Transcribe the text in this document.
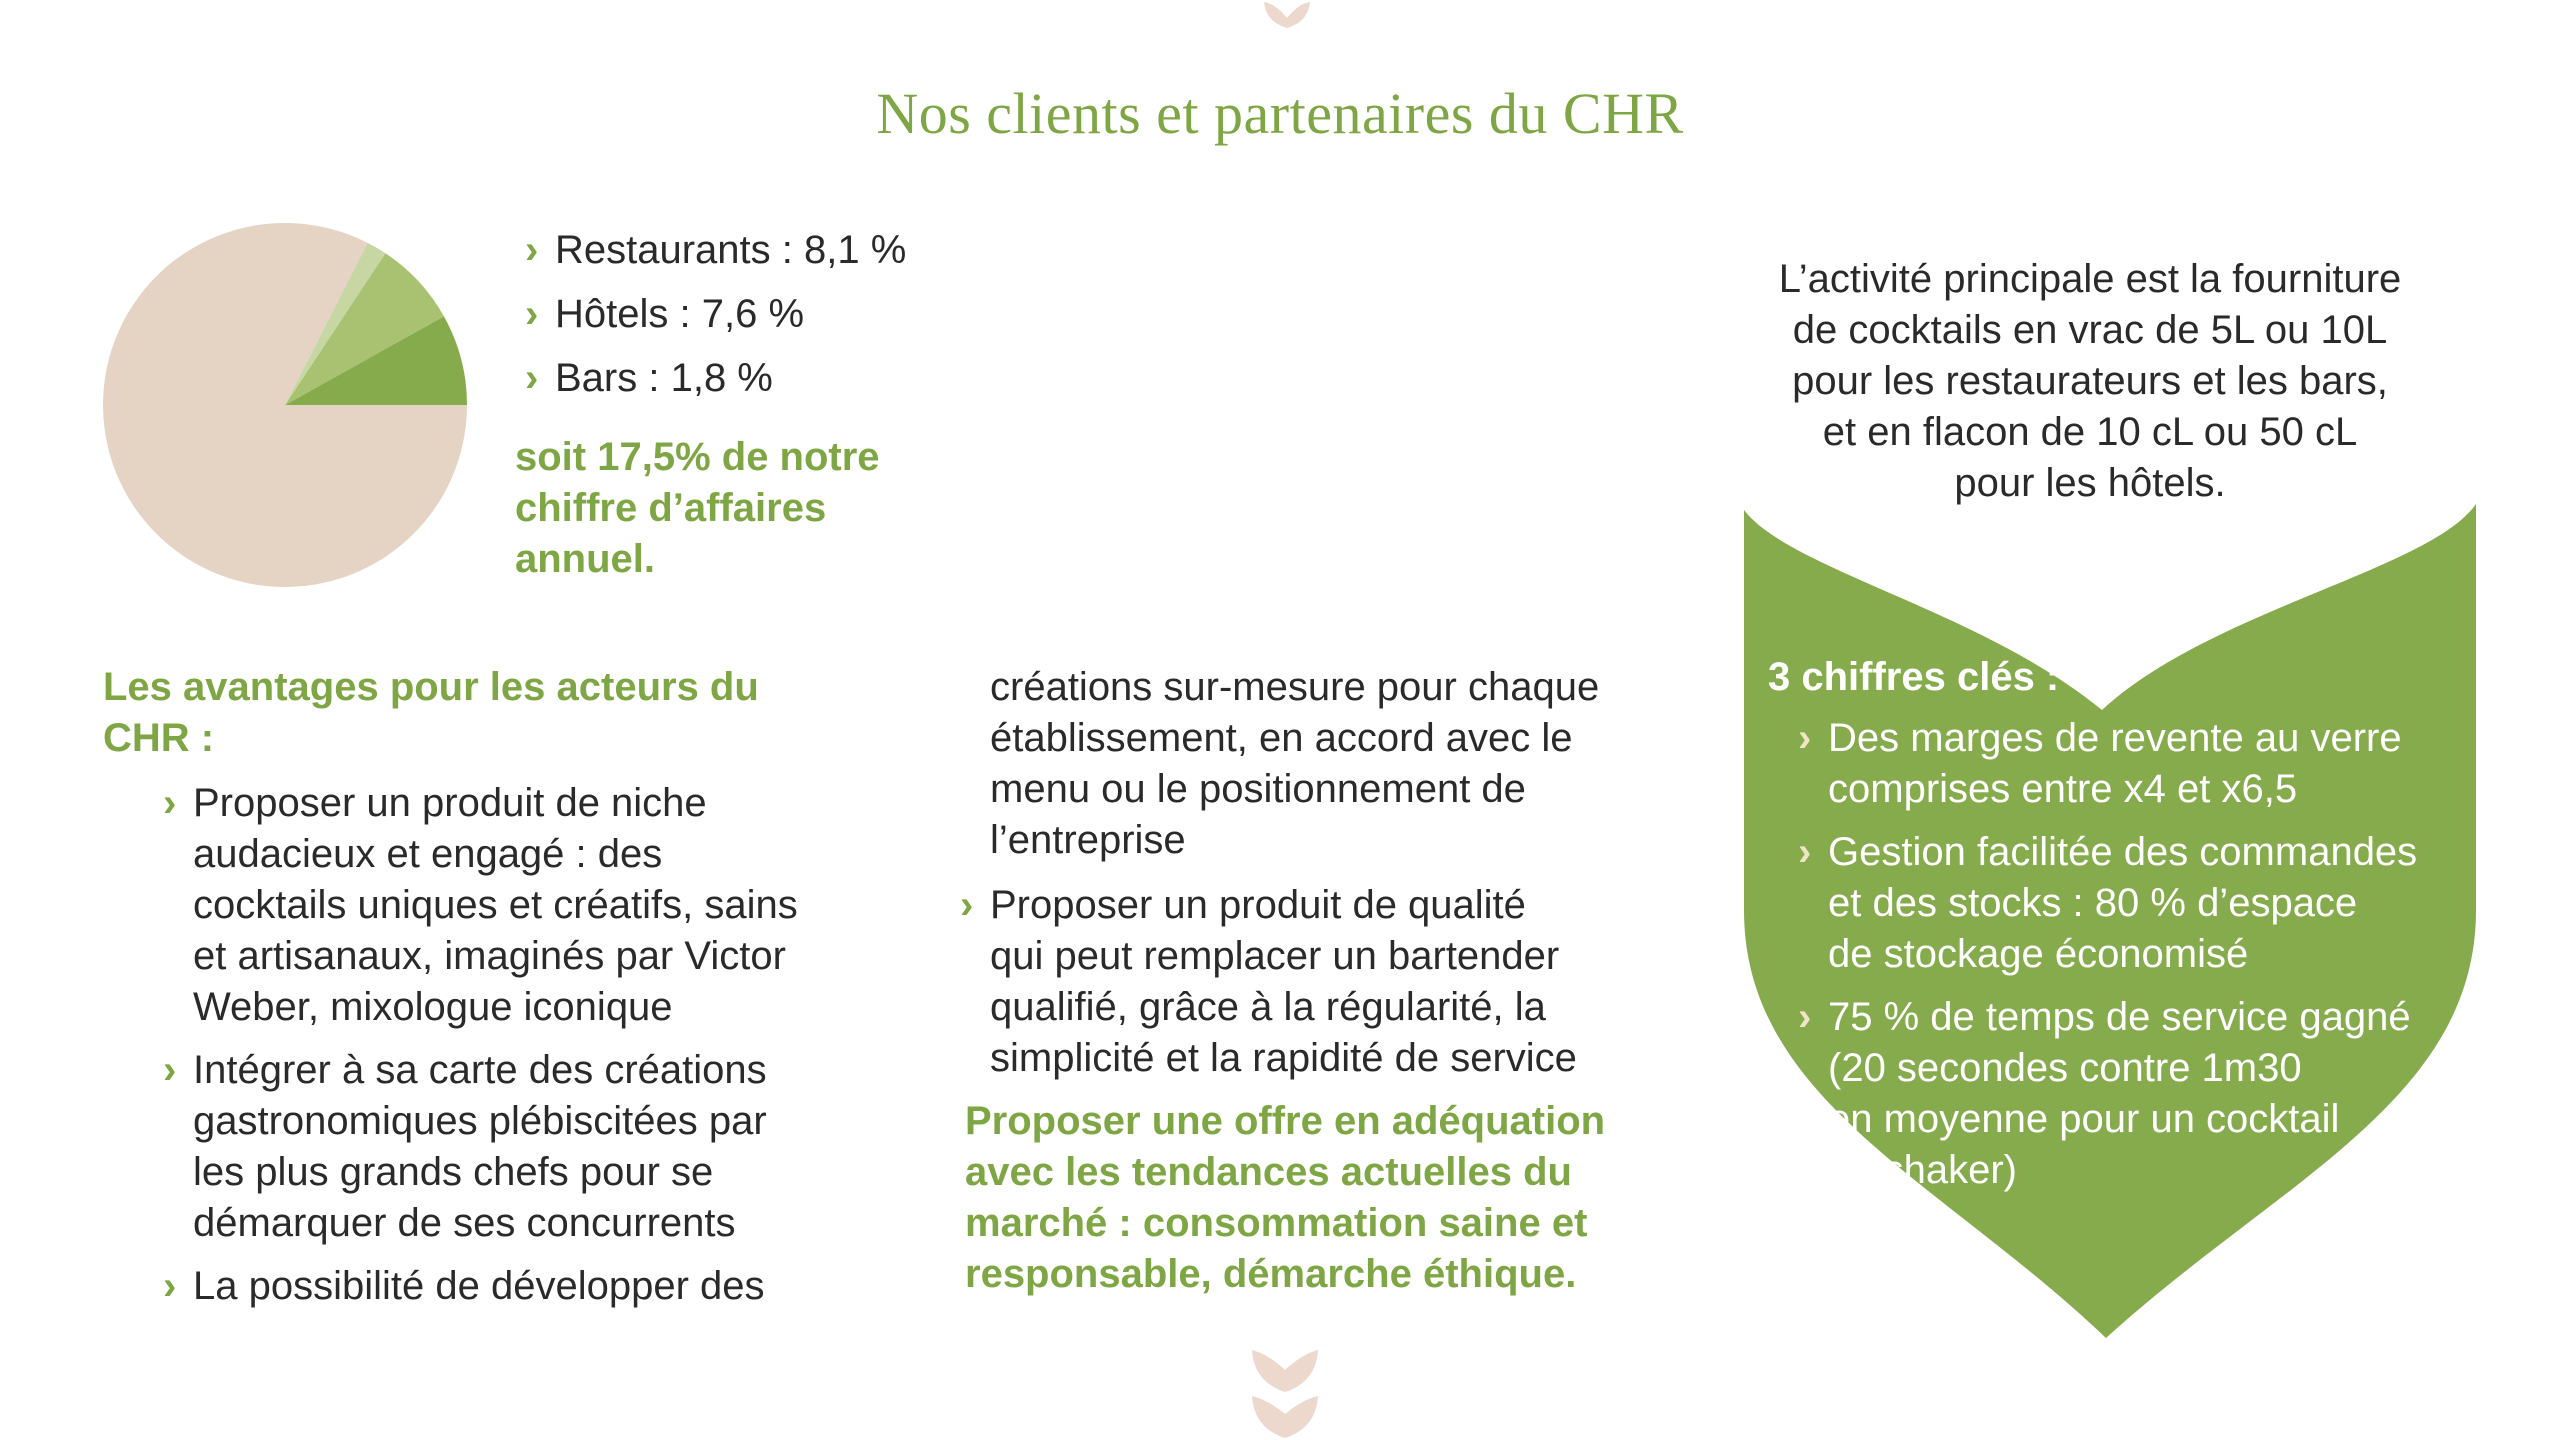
Nos clients et partenaires du CHR
› Restaurants : 8,1 %
› Hôtels : 7,6 %
› Bars : 1,8 %
soit 17,5% de notre
chiffre d’affaires
annuel.
Les avantages pour les acteurs du
CHR :
› Proposer un produit de niche
audacieux et engagé : des
cocktails uniques et créatifs, sains
et artisanaux, imaginés par Victor
Weber, mixologue iconique
› Intégrer à sa carte des créations
gastronomiques plébiscitées par
les plus grands chefs pour se
démarquer de ses concurrents
› La possibilité de développer des
créations sur-mesure pour chaque
établissement, en accord avec le
menu ou le positionnement de
l’entreprise
› Proposer un produit de qualité
qui peut remplacer un bartender
qualifié, grâce à la régularité, la
simplicité et la rapidité de service
Proposer une offre en adéquation
avec les tendances actuelles du
marché : consommation saine et
responsable, démarche éthique.
L’activité principale est la fourniture
de cocktails en vrac de 5L ou 10L
pour les restaurateurs et les bars,
et en flacon de 10 cL ou 50 cL
pour les hôtels.
3 chiffres clés :
› Des marges de revente au verre
comprises entre x4 et x6,5
› Gestion facilitée des commandes
et des stocks : 80 % d’espace
de stockage économisé
› 75 % de temps de service gagné
(20 secondes contre 1m30
en moyenne pour un cocktail
au shaker)
